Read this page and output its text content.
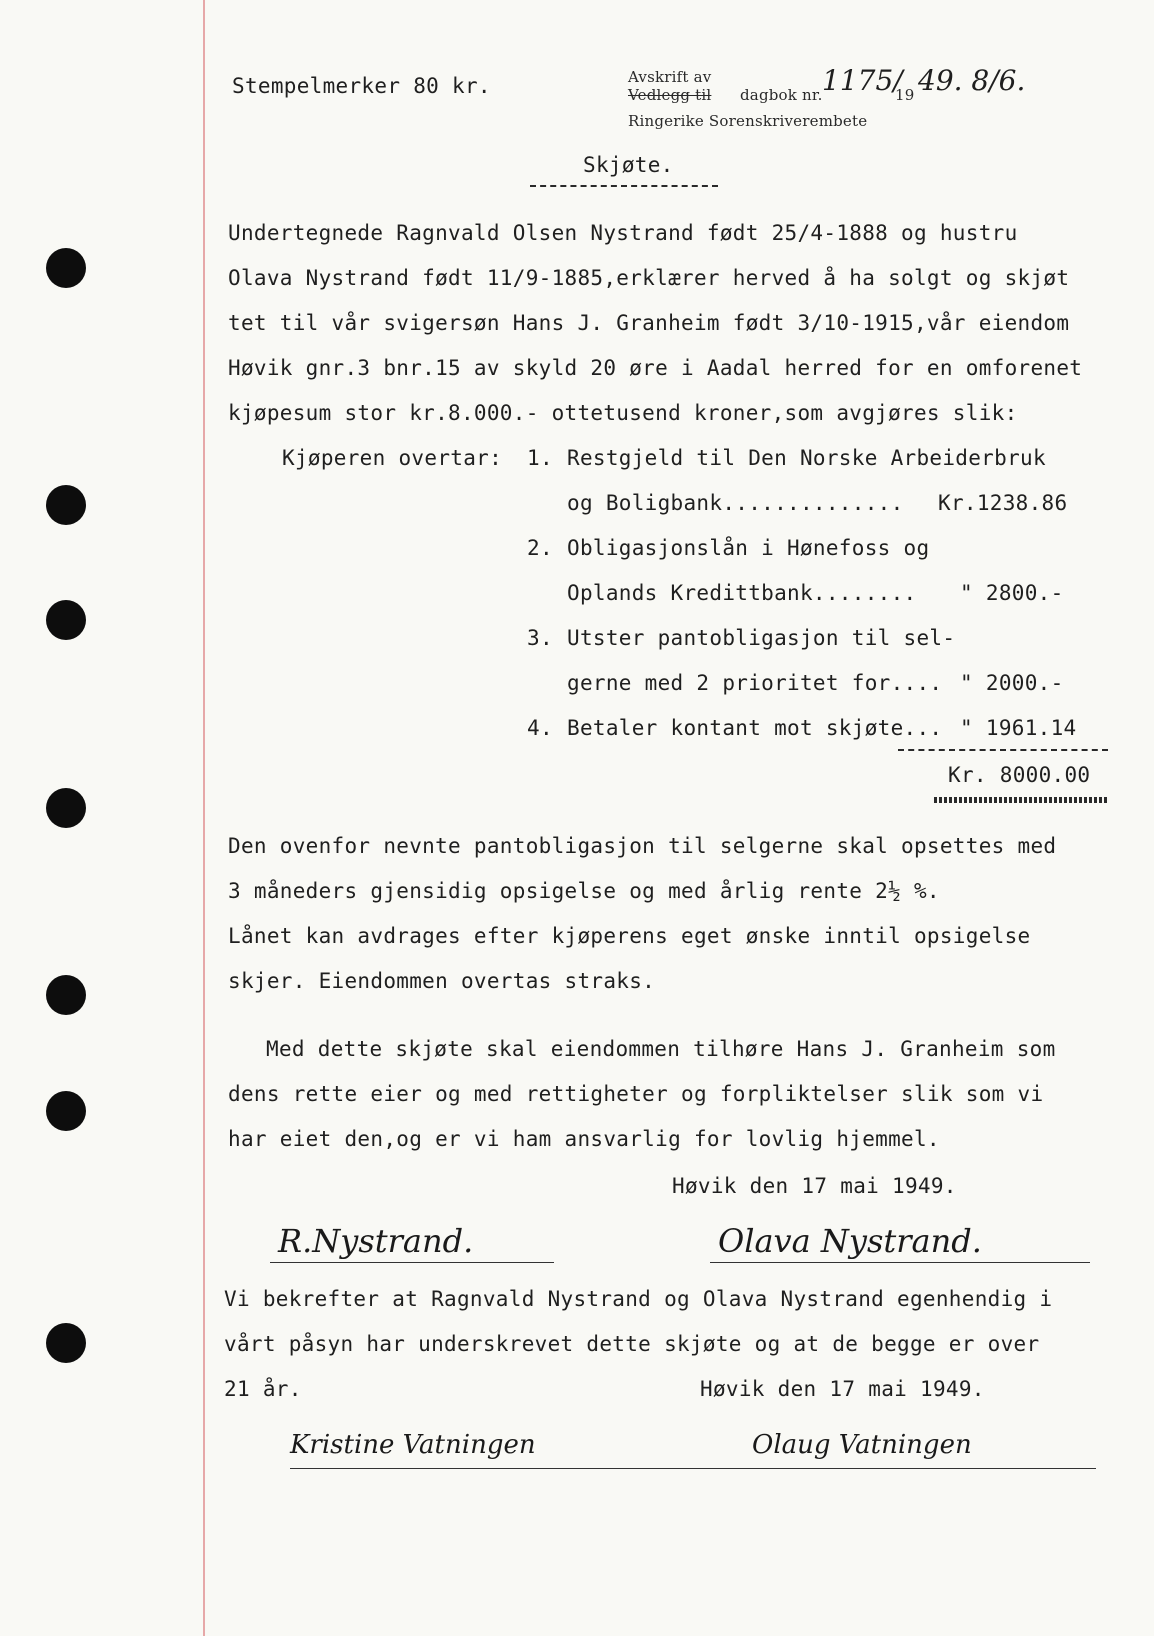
Stempelmerker 80 kr.	Avskrift av
Vedlegg til dagbok nr. 1175/
19 49. 8/6.
Ringerike Sorenskriverembete
Skjøte.
Undertegnede Ragnvald Olsen Nystrand født 25/4-1888 og hustru
Olava Nystrand født 11/9-1885,erklærer herved å ha solgt og skjøt
tet til vår svigersøn Hans J. Granheim født 3/10-1915,vår eiendom
Høvik gnr.3 bnr.15 av skyld 20 øre i Aadal herred for en omforenet
kjøpesum stor kr.8.000.- ottetusend kroner,som avgjøres slik:
Kjøperen overtar: 1. Restgjeld til Den Norske Arbeiderbruk
og Boligbank.............. Kr.1238.86
2. Obligasjonslån i Hønefoss og
Oplands Kredittbank........ " 2800.-
3. Utster pantobligasjon til sel-
gerne med 2 prioritet for.... " 2000.-
4. Betaler kontant mot skjøte... " 1961.14
Kr. 8000.00
Den ovenfor nevnte pantobligasjon til selgerne skal opsettes med
3 måneders gjensidig opsigelse og med årlig rente 2½ %.
Lånet kan avdrages efter kjøperens eget ønske inntil opsigelse
skjer. Eiendommen overtas straks.
Med dette skjøte skal eiendommen tilhøre Hans J. Granheim som
dens rette eier og med rettigheter og forpliktelser slik som vi
har eiet den,og er vi ham ansvarlig for lovlig hjemmel.
Høvik den 17 mai 1949.
R.Nystrand.	Olava Nystrand.
Vi bekrefter at Ragnvald Nystrand og Olava Nystrand egenhendig i
vårt påsyn har underskrevet dette skjøte og at de begge er over
21 år.	Høvik den 17 mai 1949.
Kristine Vatningen	Olaug Vatningen
